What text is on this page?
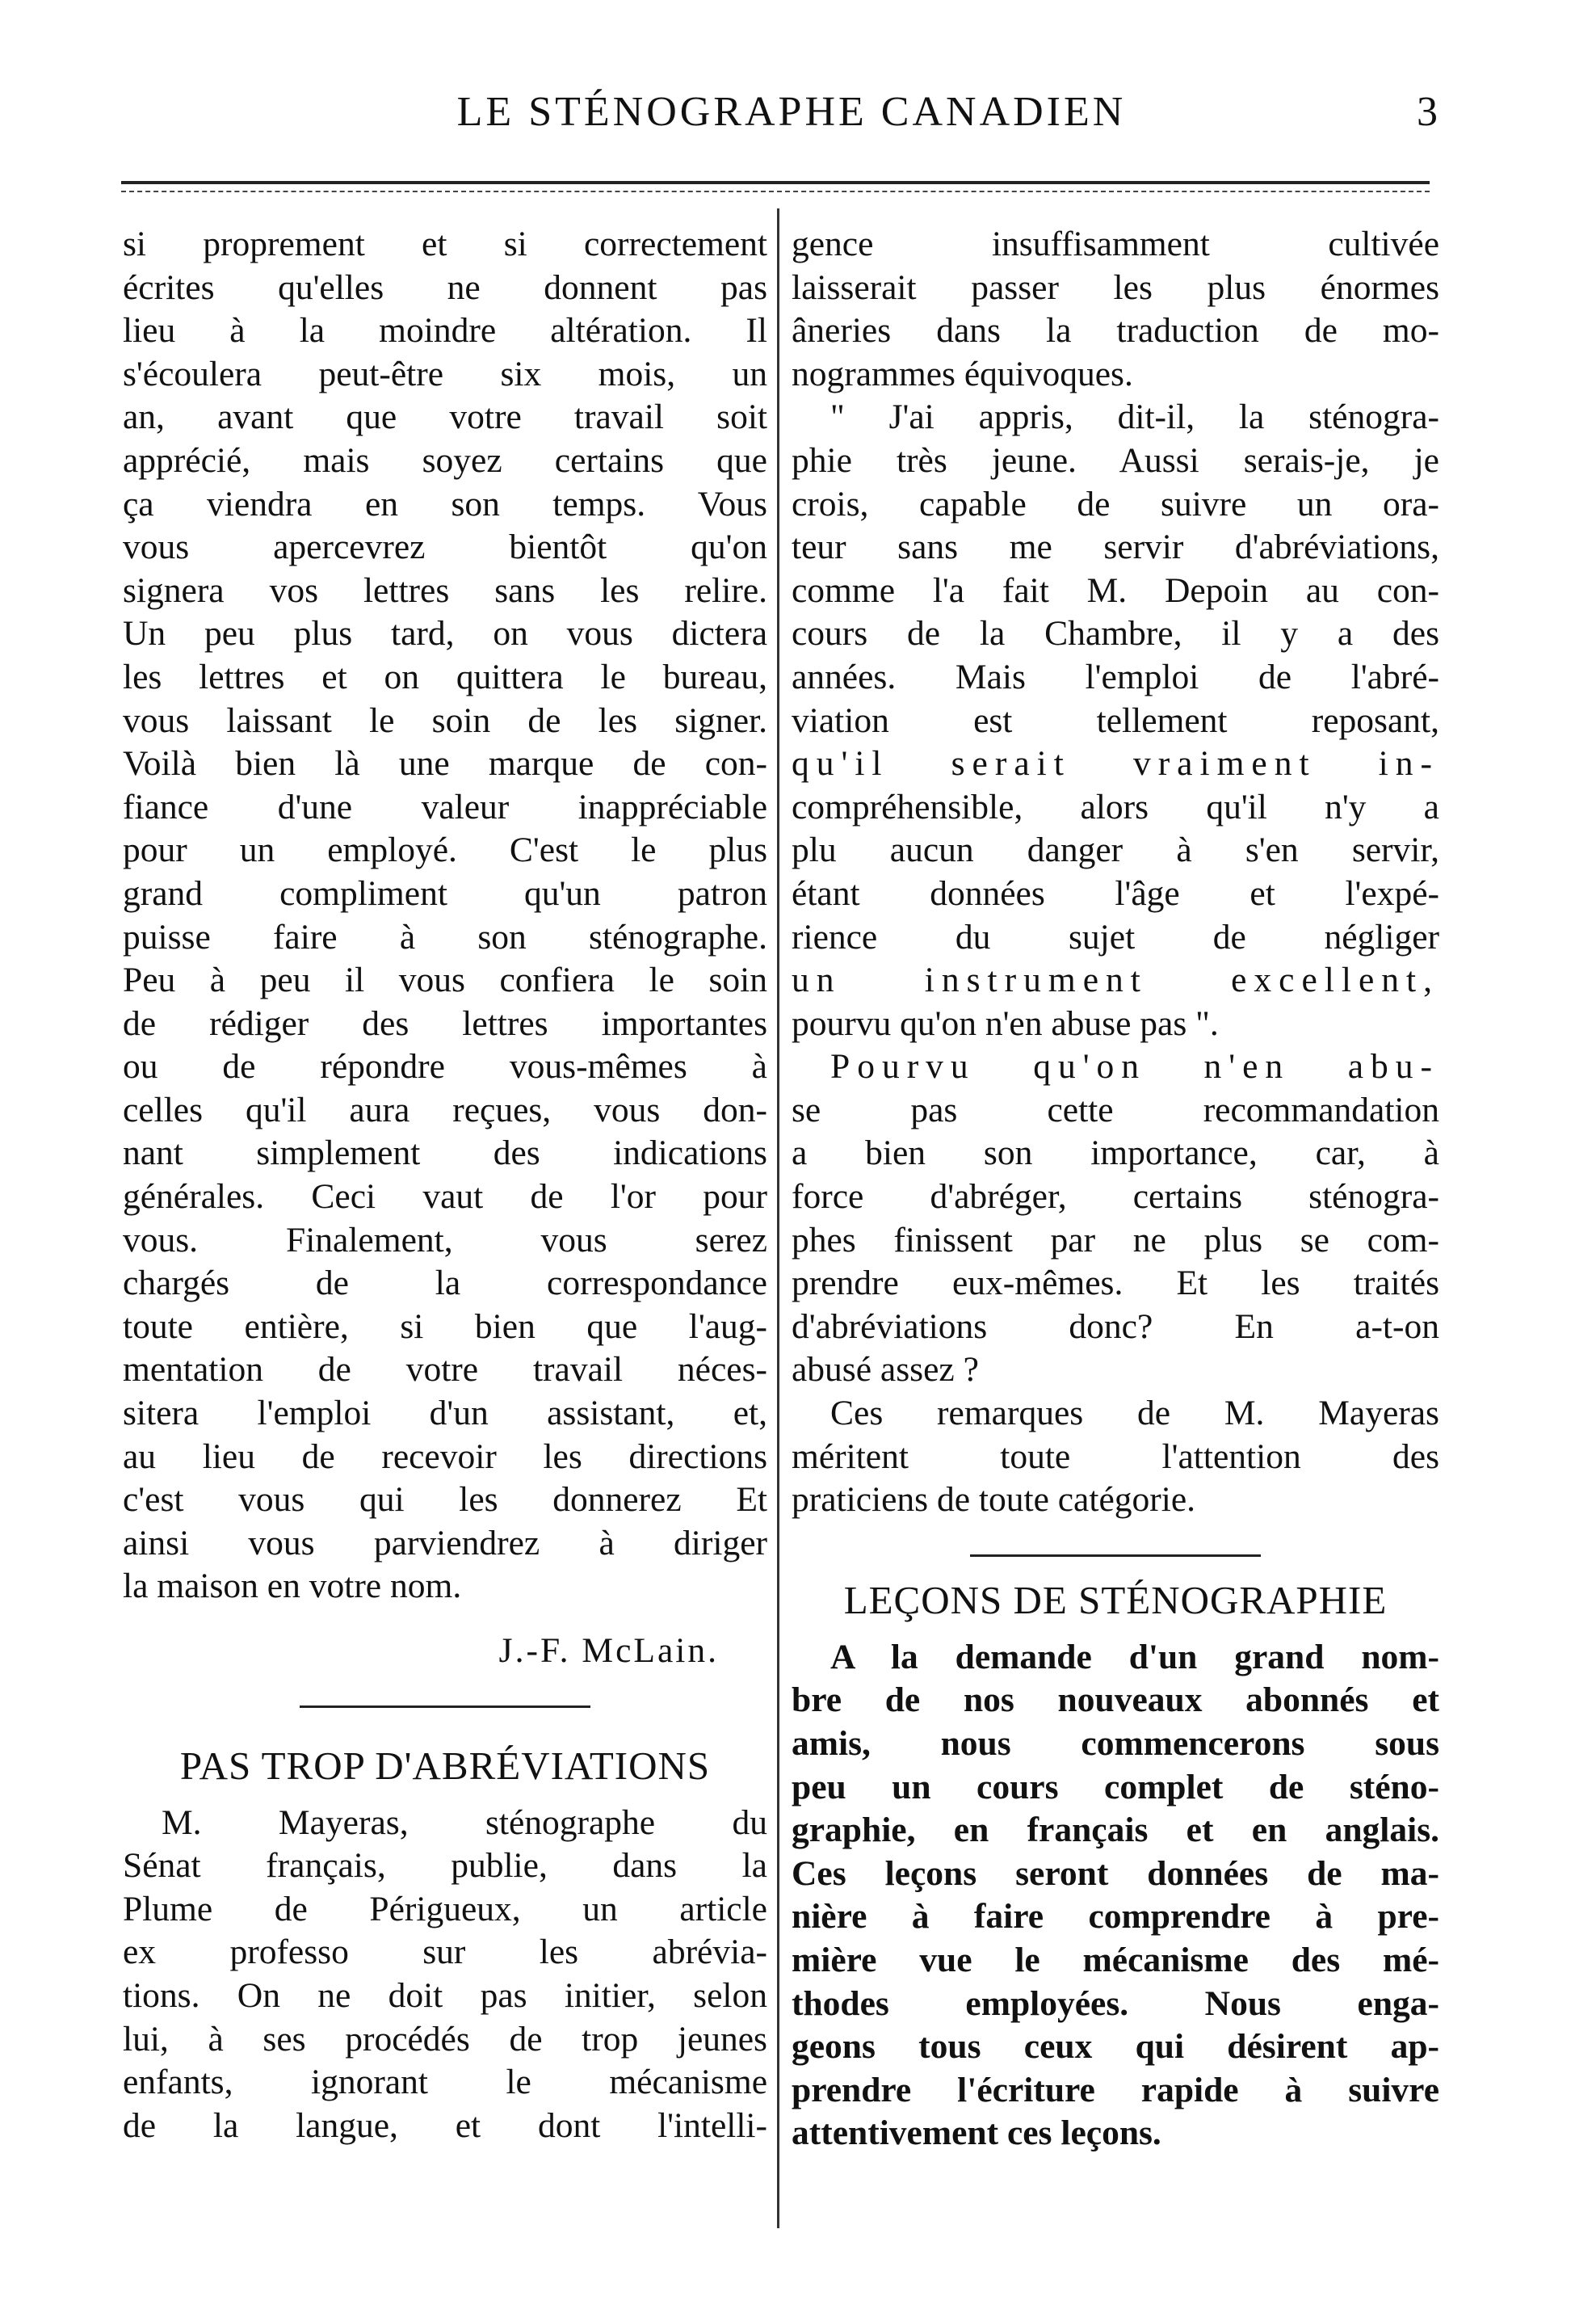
LE STÉNOGRAPHE CANADIEN	3
si proprement et si correctement
écrites qu'elles ne donnent pas
lieu à la moindre altération. Il
s'écoulera peut-être six mois, un
an, avant que votre travail soit
apprécié, mais soyez certains que
ça viendra en son temps. Vous
vous apercevrez bientôt qu'on
signera vos lettres sans les relire.
Un peu plus tard, on vous dictera
les lettres et on quittera le bureau,
vous laissant le soin de les signer.
Voilà bien là une marque de con-
fiance d'une valeur inappréciable
pour un employé. C'est le plus
grand compliment qu'un patron
puisse faire à son sténographe.
Peu à peu il vous confiera le soin
de rédiger des lettres importantes
ou de répondre vous-mêmes à
celles qu'il aura reçues, vous don-
nant simplement des indications
générales. Ceci vaut de l'or pour
vous. Finalement, vous serez
chargés de la correspondance
toute entière, si bien que l'aug-
mentation de votre travail néces-
sitera l'emploi d'un assistant, et,
au lieu de recevoir les directions
c'est vous qui les donnerez Et
ainsi vous parviendrez à diriger
la maison en votre nom.
J.-F. McLain.
PAS TROP D'ABRÉVIATIONS
M. Mayeras, sténographe du
Sénat français, publie, dans la
Plume de Périgueux, un article
ex professo sur les abrévia-
tions. On ne doit pas initier, selon
lui, à ses procédés de trop jeunes
enfants, ignorant le mécanisme
de la langue, et dont l'intelli-
gence insuffisamment cultivée
laisserait passer les plus énormes
âneries dans la traduction de mo-
nogrammes équivoques.
" J'ai appris, dit-il, la sténogra-
phie très jeune. Aussi serais-je, je
crois, capable de suivre un ora-
teur sans me servir d'abréviations,
comme l'a fait M. Depoin au con-
cours de la Chambre, il y a des
années. Mais l'emploi de l'abré-
viation est tellement reposant,
qu'il serait vraiment in-
compréhensible, alors qu'il n'y a
plu aucun danger à s'en servir,
étant données l'âge et l'expé-
rience du sujet de négliger
un instrument excellent,
pourvu qu'on n'en abuse pas ".
Pourvu qu'on n'en abu-
se pas cette recommandation
a bien son importance, car, à
force d'abréger, certains sténogra-
phes finissent par ne plus se com-
prendre eux-mêmes. Et les traités
d'abréviations donc? En a-t-on
abusé assez ?
Ces remarques de M. Mayeras
méritent toute l'attention des
praticiens de toute catégorie.
LEÇONS DE STÉNOGRAPHIE
A la demande d'un grand nom-
bre de nos nouveaux abonnés et
amis, nous commencerons sous
peu un cours complet de sténo-
graphie, en français et en anglais.
Ces leçons seront données de ma-
nière à faire comprendre à pre-
mière vue le mécanisme des mé-
thodes employées. Nous enga-
geons tous ceux qui désirent ap-
prendre l'écriture rapide à suivre
attentivement ces leçons.
